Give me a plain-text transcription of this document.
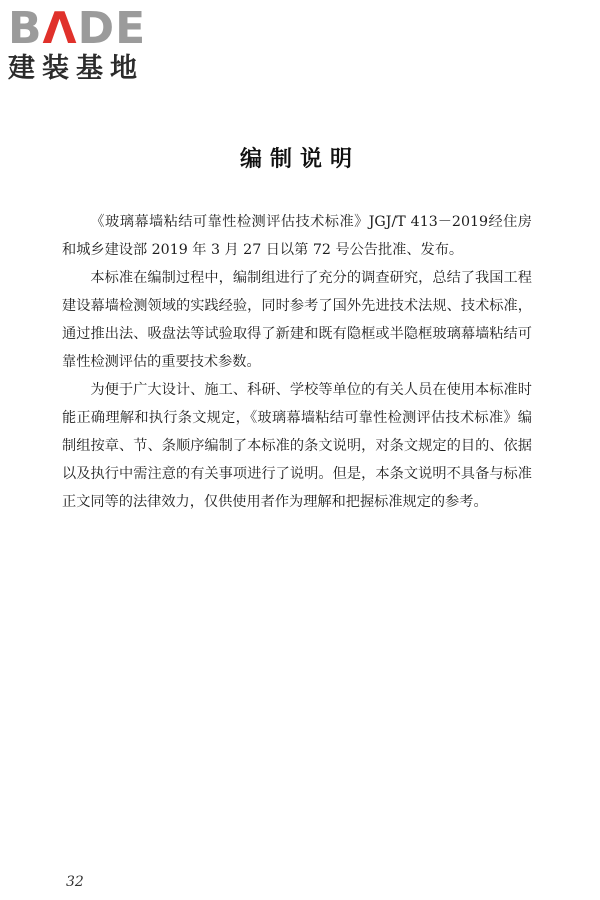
BΛDE
建装基地
编制说明

《玻璃幕墙粘结可靠性检测评估技术标准》JGJ/T 413－2019经住房和城乡建设部 2019 年 3 月 27 日以第 72 号公告批准、发布。

本标准在编制过程中，编制组进行了充分的调查研究，总结了我国工程建设幕墙检测领域的实践经验，同时参考了国外先进技术法规、技术标准，通过推出法、吸盘法等试验取得了新建和既有隐框或半隐框玻璃幕墙粘结可靠性检测评估的重要技术参数。

为便于广大设计、施工、科研、学校等单位的有关人员在使用本标准时能正确理解和执行条文规定，《玻璃幕墙粘结可靠性检测评估技术标准》编制组按章、节、条顺序编制了本标准的条文说明，对条文规定的目的、依据以及执行中需注意的有关事项进行了说明。但是，本条文说明不具备与标准正文同等的法律效力，仅供使用者作为理解和把握标准规定的参考。

32
